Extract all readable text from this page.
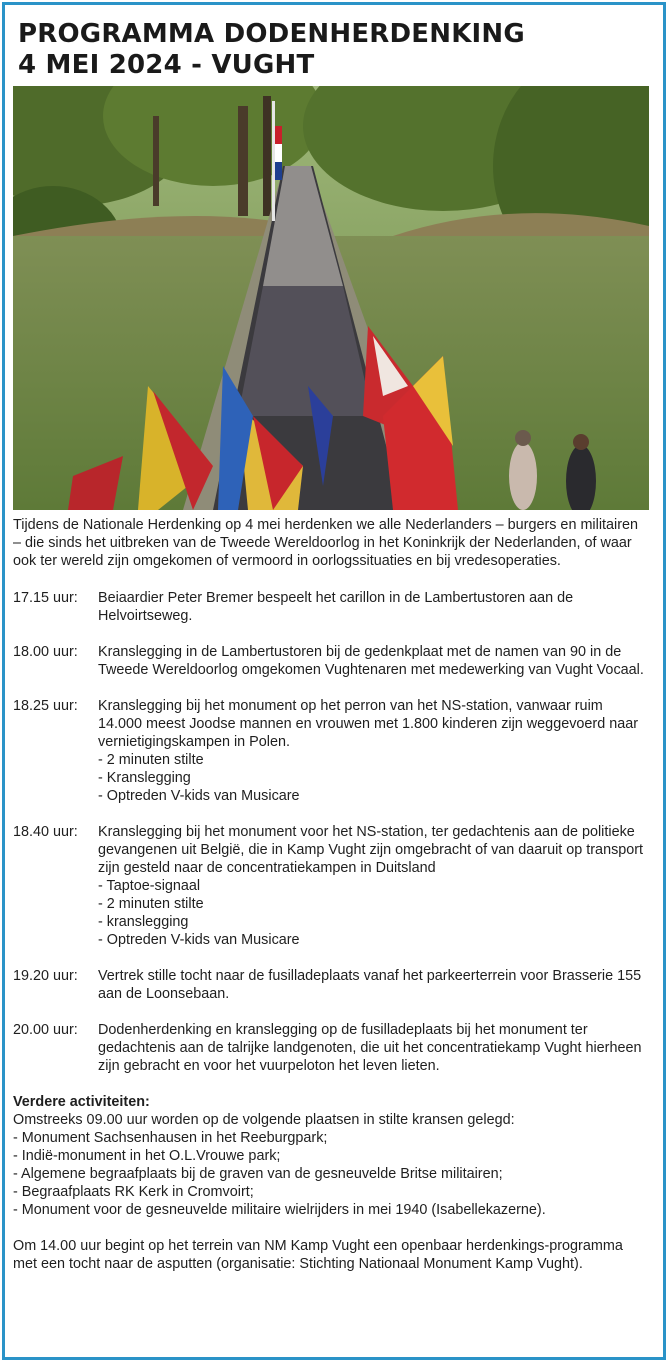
PROGRAMMA DODENHERDENKING
4 MEI 2024 - VUGHT

Tijdens de Nationale Herdenking op 4 mei herdenken we alle Nederlanders – burgers en militairen – die sinds het uitbreken van de Tweede Wereldoorlog in het Koninkrijk der Nederlanden, of waar ook ter wereld zijn omgekomen of vermoord in oorlogssituaties en bij vredesoperaties.

17.15 uur:	Beiaardier Peter Bremer bespeelt het carillon in de Lambertustoren aan de Helvoirtseweg.
18.00 uur:	Kranslegging in de Lambertustoren bij de gedenkplaat met de namen van 90 in de Tweede Wereldoorlog omgekomen Vughtenaren met medewerking van Vught Vocaal.
18.25 uur:	Kranslegging bij het monument op het perron van het NS-station, vanwaar ruim 14.000 meest Joodse mannen en vrouwen met 1.800 kinderen zijn weggevoerd naar vernietigingskampen in Polen.
- 2 minuten stilte
- Kranslegging
- Optreden V-kids van Musicare
18.40 uur:	Kranslegging bij het monument voor het NS-station, ter gedachtenis aan de politieke gevangenen uit België, die in Kamp Vught zijn omgebracht of van daaruit op transport zijn gesteld naar de concentratiekampen in Duitsland
- Taptoe-signaal
- 2 minuten stilte
- kranslegging
- Optreden V-kids van Musicare
19.20 uur:	Vertrek stille tocht naar de fusilladeplaats vanaf het parkeerterrein voor Brasserie 155 aan de Loonsebaan.
20.00 uur:	Dodenherdenking en kranslegging op de fusilladeplaats bij het monument ter gedachtenis aan de talrijke landgenoten, die uit het concentratiekamp Vught hierheen zijn gebracht en voor het vuurpeloton het leven lieten.
Verdere activiteiten:
Omstreeks 09.00 uur worden op de volgende plaatsen in stilte kransen gelegd:
- Monument Sachsenhausen in het Reeburgpark;
- Indië-monument in het O.L.Vrouwe park;
- Algemene begraafplaats bij de graven van de gesneuvelde Britse militairen;
- Begraafplaats RK Kerk in Cromvoirt;
- Monument voor de gesneuvelde militaire wielrijders in mei 1940 (Isabellekazerne).

Om 14.00 uur begint op het terrein van NM Kamp Vught een openbaar herdenkings-programma met een tocht naar de asputten (organisatie: Stichting Nationaal Monument Kamp Vught).
